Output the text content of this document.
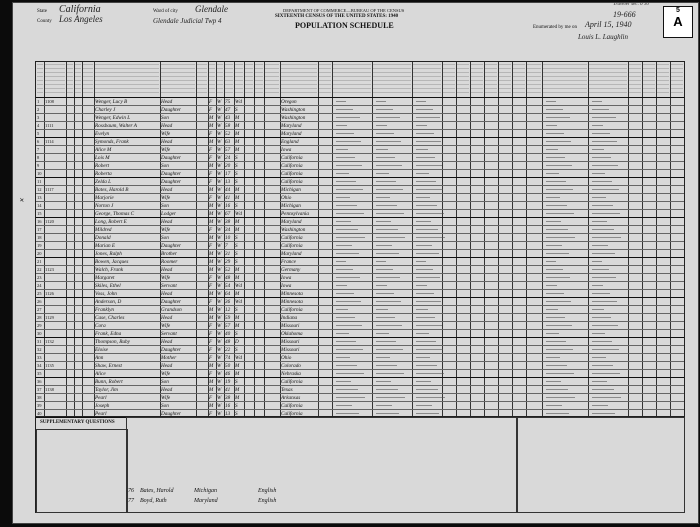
DEPARTMENT OF COMMERCE—BUREAU OF THE CENSUS
SIXTEENTH CENSUS OF THE UNITED STATES: 1940
POPULATION SCHEDULE
State California
County Los Angeles
Ward of city Glendale
Glendale Judicial Twp 4
19-666
April 15, 1940
Louis L. Laughlin
Enumerated by me on
Traveler sec. 6 10
5
A
1	1108	Wenger, Lucy B	Head	F W 75 Wd	Oregon
2	Charley J	Daughter	F W 47 S	Washington
3	Wenger, Edwin L	Son	M W 43 M	Washington
4	1111	Rossbaum, Walter A	Head	M W 58 M	Maryland
5	Evelyn	Wife	F W 52 M	Maryland
6	1114	Symonds, Frank	Head	M W 63 M	England
7	Alice M	Wife	F W 57 M	Iowa
8	Lois M	Daughter	F W 24 S	California
9	Robert	Son	M W 20 S	California
10	Roberta	Daughter	F W 17 S	California
11	Zelda L	Daughter	F W 13 S	California
12 1117	Bates, Harold B	Head	M W 44 M	Michigan
13	Marjorie	Wife	F W 41 M	Ohio
14	Norton J	Son	M W 16 S	Michigan
15	George, Thomas C	Lodger	M W 67 Wd	Pennsylvania
16 1120	Long, Robert E	Head	M W 38 M	Maryland
17	Mildred	Wife	F W 34 M	Washington
18	Donald	Son	M W 10 S	California
19	Marian E	Daughter	F W 7	S	California
20	Jones, Ralph	Brother	M W 31 S	Maryland
21	Bowen, Jacques	Roomer	M W 29 S	France
22 1123	Walch, Frank	Head	M W 52 M	Germany
23	Margaret	Wife	F W 48 M	Iowa
24	Skiles, Ethel	Servant	F W 54 Wd	Iowa
25 1126	Voss, John	Head	M W 64 M	Minnesota
26	Anderson, D	Daughter	F W 36 Wd	Minnesota
27	Franklyn	Grandson	M W 12 S	California
28 1129	Case, Charles	Head	M W 59 M	Indiana
29	Cora	Wife	F W 57 M	Missouri
30	Frank, Edna	Servant	F W 40 S	Oklahoma
31 1132	Thompson, Ruby	Head	F W 48 D	Missouri
32	Eloise	Daughter	F W 22 S	Missouri
33	Ann	Mother	F W 74 Wd	Ohio
34 1135	Shaw, Ernest	Head	M W 50 M	Colorado
35	Alice	Wife	F W 46 M	Nebraska
36	Bunn, Robert	Son	M W 19 S	California
37 1138	Taylor, Jim	Head	M W 41 M	Texas
38	Pearl	Wife	F W 38 M	Arkansas
39	Joseph	Son	M W 16 S	California
40	Pearl	Daughter	F W 13 S	California
SUPPLEMENTARY QUESTIONS
76	Bates, Harold	Michigan	English
77	Boyd, Ruth	Maryland	English
✕
